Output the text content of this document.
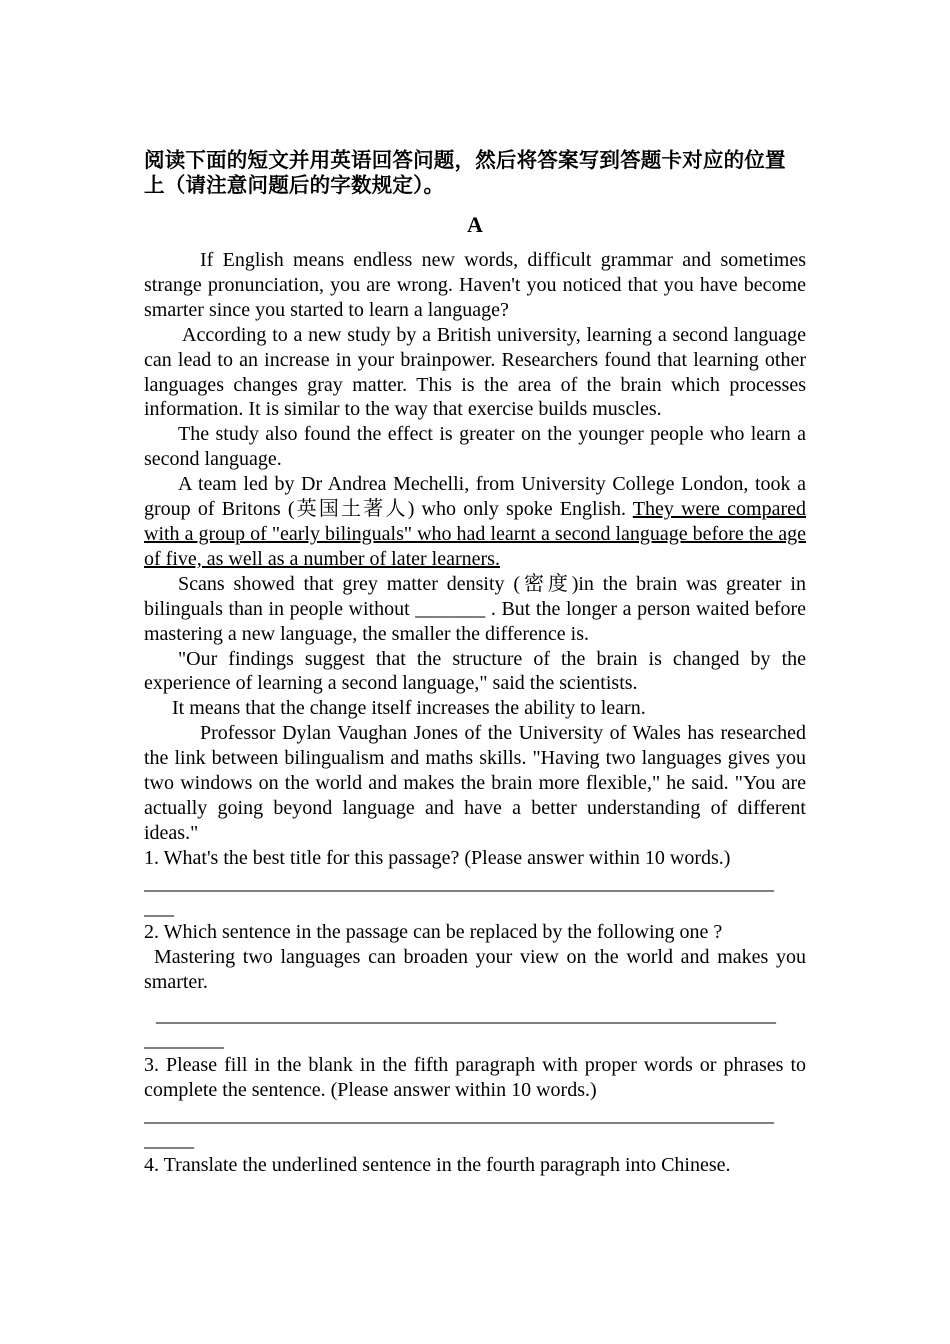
阅读下面的短文并用英语回答问题，然后将答案写到答题卡对应的位置上（请注意问题后的字数规定）。
A

If English means endless new words, difficult grammar and sometimes strange pronunciation, you are wrong. Haven't you noticed that you have become smarter since you started to learn a language?

According to a new study by a British university, learning a second language can lead to an increase in your brainpower. Researchers found that learning other languages changes gray matter. This is the area of the brain which processes information. It is similar to the way that exercise builds muscles.

The study also found the effect is greater on the younger people who learn a second language.

A team led by Dr Andrea Mechelli, from University College London, took a group of Britons (英国土著人) who only spoke English. They were compared with a group of "early bilinguals" who had learnt a second language before the age of five, as well as a number of later learners.

Scans showed that grey matter density (密度)in the brain was greater in bilinguals than in people without _______ . But the longer a person waited before mastering a new language, the smaller the difference is.

"Our findings suggest that the structure of the brain is changed by the experience of learning a second language," said the scientists.

It means that the change itself increases the ability to learn.

Professor Dylan Vaughan Jones of the University of Wales has researched the link between bilingualism and maths skills. "Having two languages gives you two windows on the world and makes the brain more flexible," he said. "You are actually going beyond language and have a better understanding of different ideas."

1. What's the best title for this passage? (Please answer within 10 words.)

_______________________________________________________________
___

2. Which sentence in the passage can be replaced by the following one ?

Mastering two languages can broaden your view on the world and makes you smarter.

______________________________________________________________
________

3. Please fill in the blank in the fifth paragraph with proper words or phrases to complete the sentence. (Please answer within 10 words.)

_______________________________________________________________
_____

4. Translate the underlined sentence in the fourth paragraph into Chinese.
